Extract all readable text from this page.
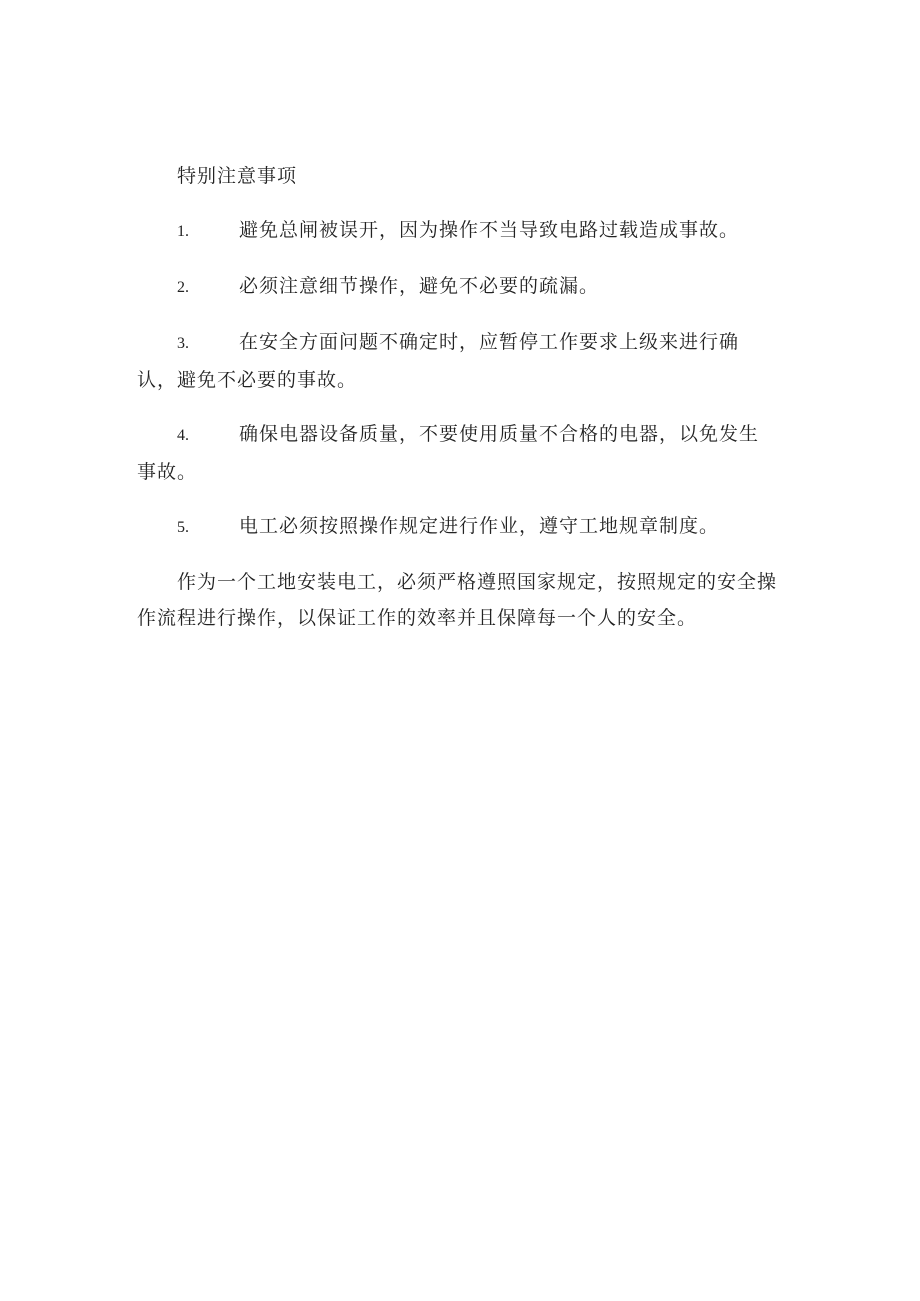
特别注意事项

1.	避免总闸被误开，因为操作不当导致电路过载造成事故。

2.	必须注意细节操作，避免不必要的疏漏。

3.	在安全方面问题不确定时，应暂停工作要求上级来进行确认，避免不必要的事故。

4.	确保电器设备质量，不要使用质量不合格的电器，以免发生事故。

5.	电工必须按照操作规定进行作业，遵守工地规章制度。

作为一个工地安装电工，必须严格遵照国家规定，按照规定的安全操作流程进行操作，以保证工作的效率并且保障每一个人的安全。
